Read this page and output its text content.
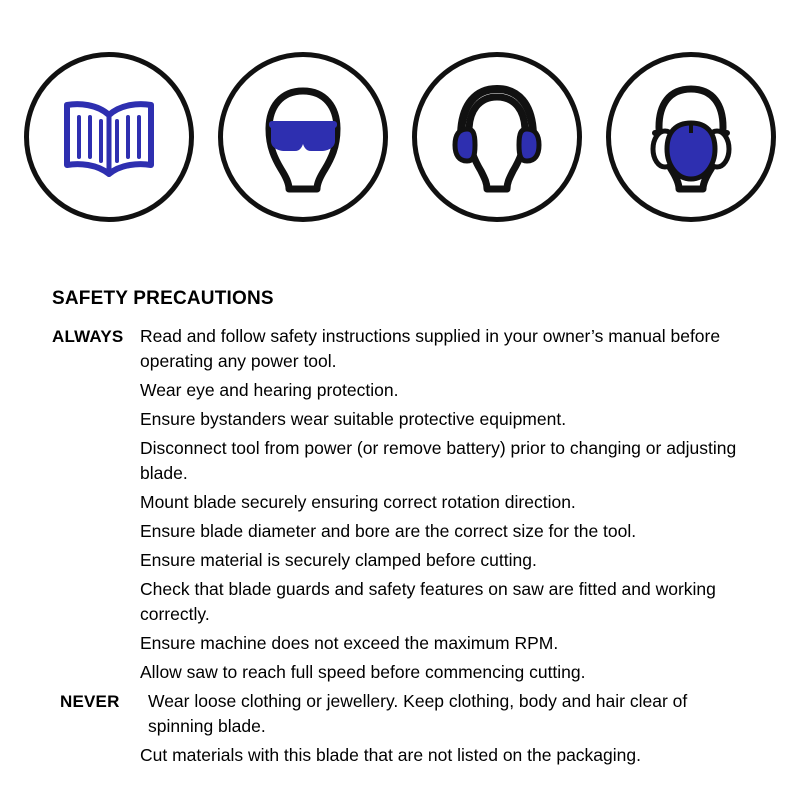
SAFETY PRECAUTIONS
ALWAYS Read and follow safety instructions supplied in your owner’s manual before operating any power tool.
Wear eye and hearing protection.
Ensure bystanders wear suitable protective equipment.
Disconnect tool from power (or remove battery) prior to changing or adjusting blade.
Mount blade securely ensuring correct rotation direction.
Ensure blade diameter and bore are the correct size for the tool.
Ensure material is securely clamped before cutting.
Check that blade guards and safety features on saw are fitted and working correctly.
Ensure machine does not exceed the maximum RPM.
Allow saw to reach full speed before commencing cutting.
NEVER	Wear loose clothing or jewellery. Keep clothing, body and hair clear of spinning blade.
Cut materials with this blade that are not listed on the packaging.
